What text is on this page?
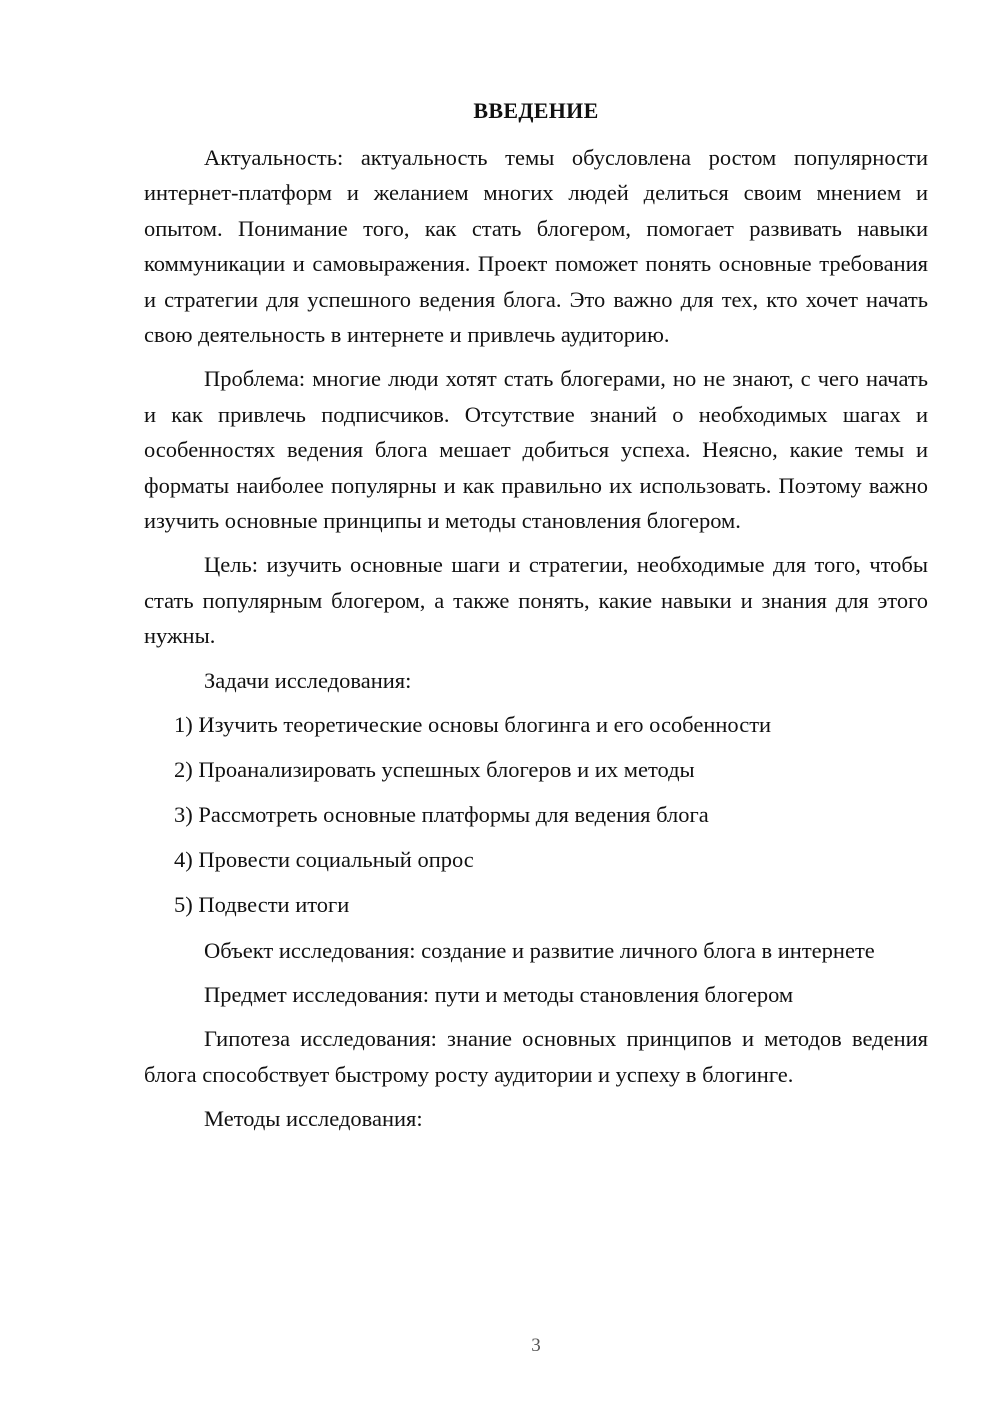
ВВЕДЕНИЕ

Актуальность: актуальность темы обусловлена ростом популярности интернет-платформ и желанием многих людей делиться своим мнением и опытом. Понимание того, как стать блогером, помогает развивать навыки коммуникации и самовыражения. Проект поможет понять основные требования и стратегии для успешного ведения блога. Это важно для тех, кто хочет начать свою деятельность в интернете и привлечь аудиторию.

Проблема: многие люди хотят стать блогерами, но не знают, с чего начать и как привлечь подписчиков. Отсутствие знаний о необходимых шагах и особенностях ведения блога мешает добиться успеха. Неясно, какие темы и форматы наиболее популярны и как правильно их использовать. Поэтому важно изучить основные принципы и методы становления блогером.

Цель: изучить основные шаги и стратегии, необходимые для того, чтобы стать популярным блогером, а также понять, какие навыки и знания для этого нужны.

Задачи исследования:

1) Изучить теоретические основы блогинга и его особенности
2) Проанализировать успешных блогеров и их методы
3) Рассмотреть основные платформы для ведения блога
4) Провести социальный опрос
5) Подвести итоги

Объект исследования: создание и развитие личного блога в интернете

Предмет исследования: пути и методы становления блогером

Гипотеза исследования: знание основных принципов и методов ведения блога способствует быстрому росту аудитории и успеху в блогинге.

Методы исследования:

3
